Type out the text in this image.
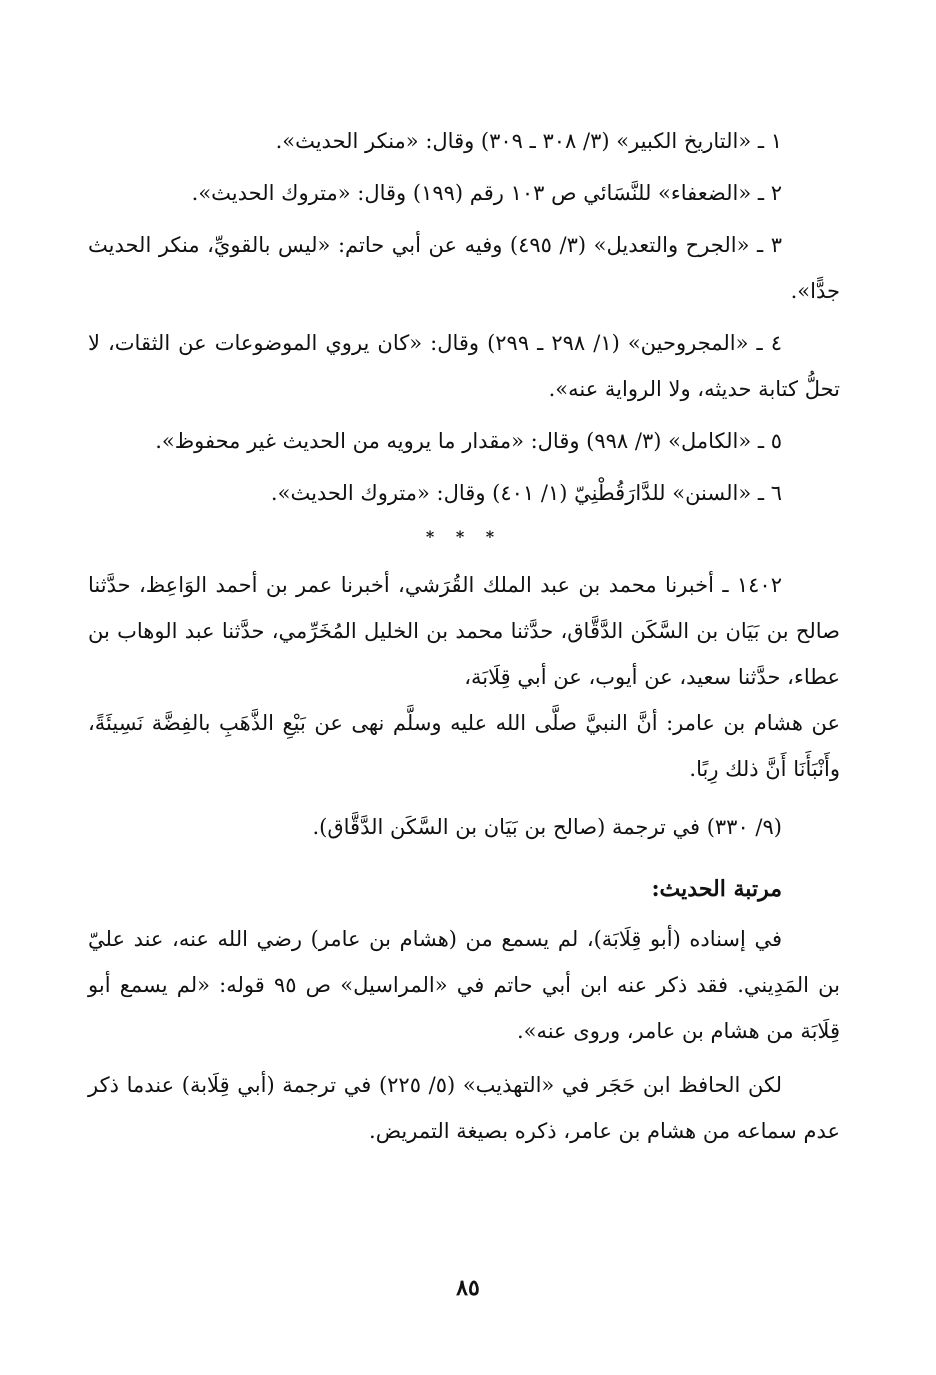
١ ـ «التاريخ الكبير» (٣/ ٣٠٨ ـ ٣٠٩) وقال: «منكر الحديث».

٢ ـ «الضعفاء» للنَّسَائي ص ١٠٣ رقم (١٩٩) وقال: «متروك الحديث».

٣ ـ «الجرح والتعديل» (٣/ ٤٩٥) وفيه عن أبي حاتم: «ليس بالقويِّ، منكر الحديث جدًّا».

٤ ـ «المجروحين» (١/ ٢٩٨ ـ ٢٩٩) وقال: «كان يروي الموضوعات عن الثقات، لا تحلُّ كتابة حديثه، ولا الرواية عنه».

٥ ـ «الكامل» (٣/ ٩٩٨) وقال: «مقدار ما يرويه من الحديث غير محفوظ».

٦ ـ «السنن» للدَّارَقُطْنِيّ (١/ ٤٠١) وقال: «متروك الحديث».

* * *

١٤٠٢ ـ أخبرنا محمد بن عبد الملك القُرَشي، أخبرنا عمر بن أحمد الوَاعِظ، حدَّثنا صالح بن بَيَان بن السَّكَن الدَّقَّاق، حدَّثنا محمد بن الخليل المُخَرِّمي، حدَّثنا عبد الوهاب بن عطاء، حدَّثنا سعيد، عن أيوب، عن أبي قِلَابَة،

عن هشام بن عامر: أنَّ النبيَّ صلَّى الله عليه وسلَّم نهى عن بَيْعِ الذَّهَبِ بالفِضَّة نَسِيئَةً، وأَنْبَأَنَا أَنَّ ذلك رِبًا.

(٩/ ٣٣٠) في ترجمة (صالح بن بَيَان بن السَّكَن الدَّقَّاق).

مرتبة الحديث:

في إسناده (أبو قِلَابَة)، لم يسمع من (هشام بن عامر) رضي الله عنه، عند عليّ بن المَدِيني. فقد ذكر عنه ابن أبي حاتم في «المراسيل» ص ٩٥ قوله: «لم يسمع أبو قِلَابَة من هشام بن عامر، وروى عنه».

لكن الحافظ ابن حَجَر في «التهذيب» (٥/ ٢٢٥) في ترجمة (أبي قِلَابة) عندما ذكر عدم سماعه من هشام بن عامر، ذكره بصيغة التمريض.

٨٥
